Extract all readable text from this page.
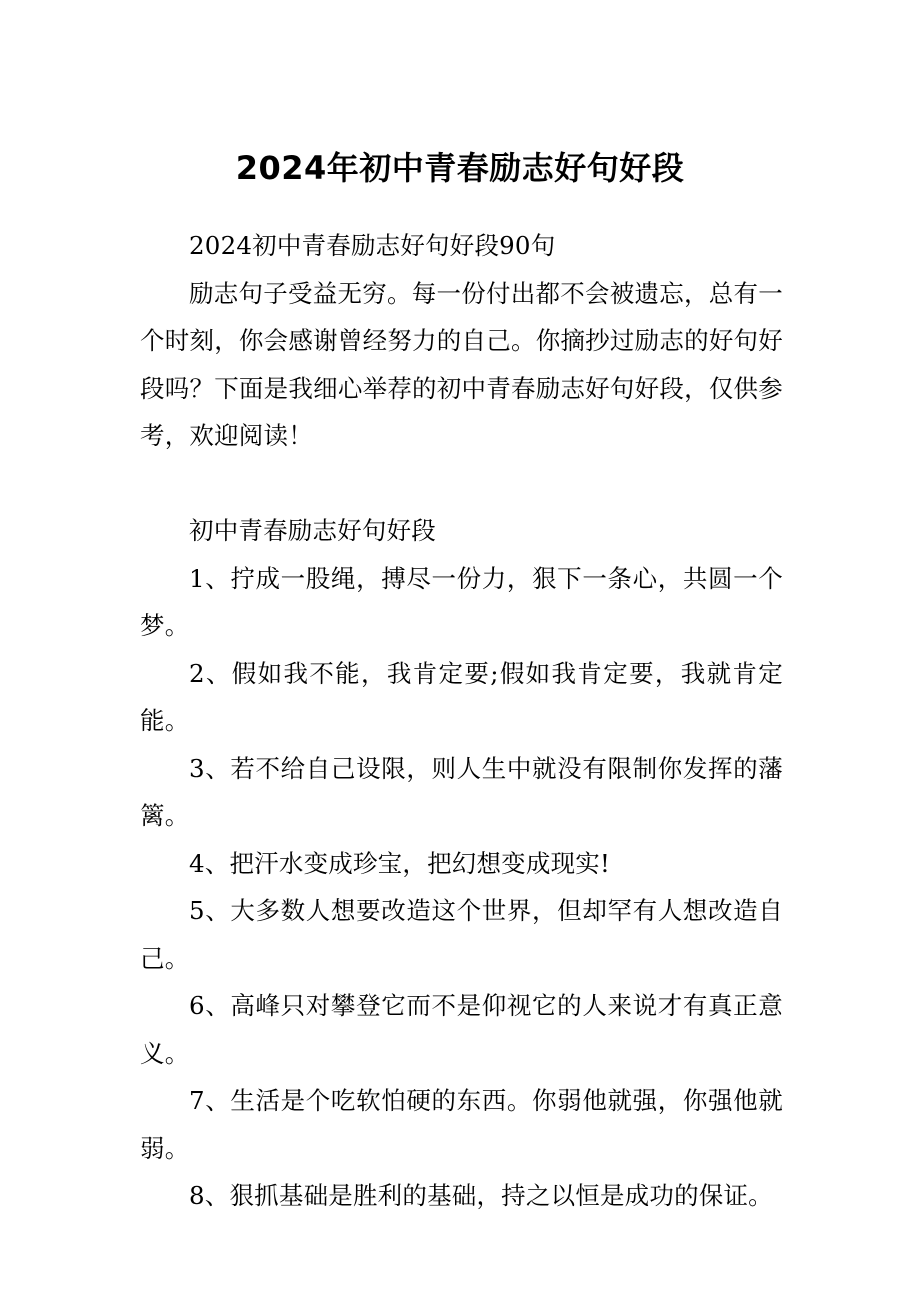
2024年初中青春励志好句好段

2024初中青春励志好句好段90句

励志句子受益无穷。每一份付出都不会被遗忘，总有一个时刻，你会感谢曾经努力的自己。你摘抄过励志的好句好段吗？下面是我细心举荐的初中青春励志好句好段，仅供参考，欢迎阅读！

初中青春励志好句好段

1、拧成一股绳，搏尽一份力，狠下一条心，共圆一个梦。

2、假如我不能，我肯定要;假如我肯定要，我就肯定能。

3、若不给自己设限，则人生中就没有限制你发挥的藩篱。

4、把汗水变成珍宝，把幻想变成现实!

5、大多数人想要改造这个世界，但却罕有人想改造自己。

6、高峰只对攀登它而不是仰视它的人来说才有真正意义。

7、生活是个吃软怕硬的东西。你弱他就强，你强他就弱。

8、狠抓基础是胜利的基础，持之以恒是成功的保证。
